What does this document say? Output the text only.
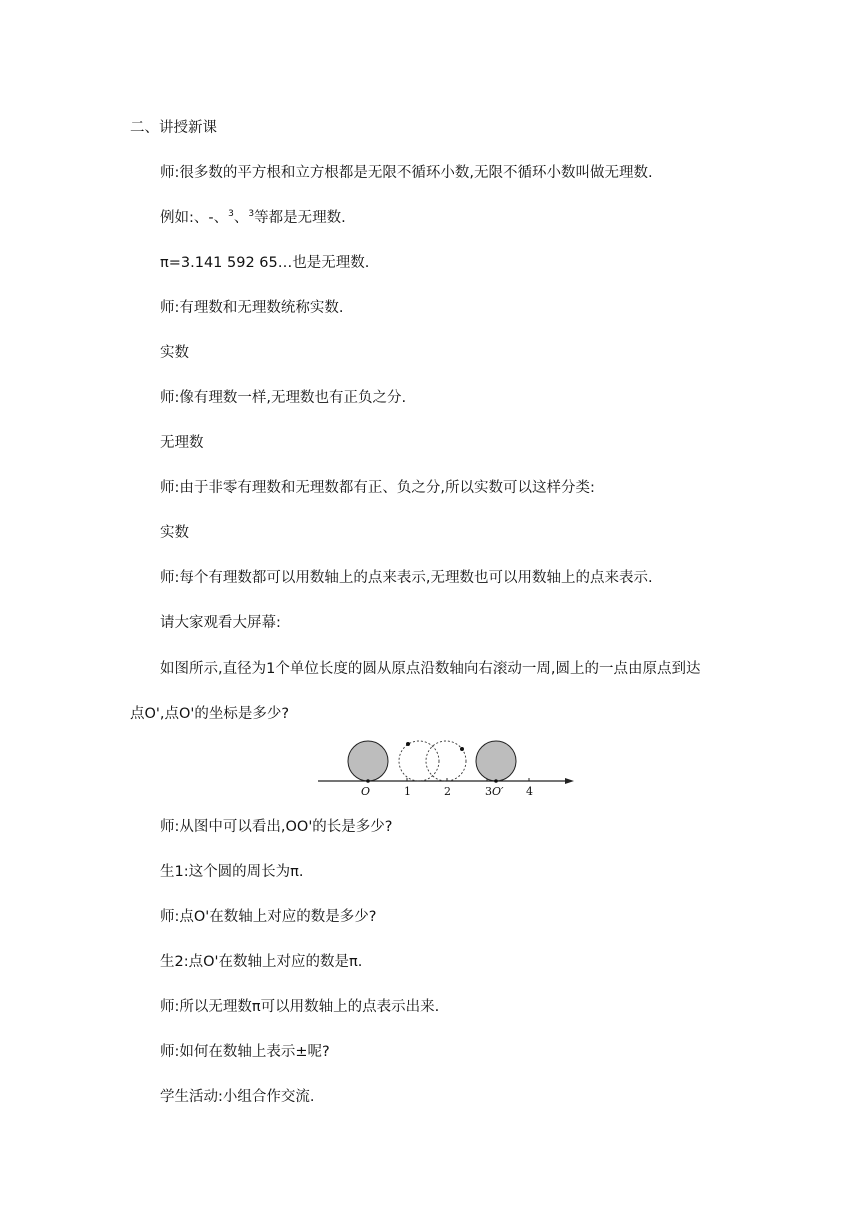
二、讲授新课
师:很多数的平方根和立方根都是无限不循环小数,无限不循环小数叫做无理数.
例如:、-、$^3$、$^3$等都是无理数.
π=3.141 592 65…也是无理数.
师:有理数和无理数统称实数.
实数
师:像有理数一样,无理数也有正负之分.
无理数
师:由于非零有理数和无理数都有正、负之分,所以实数可以这样分类:
实数
师:每个有理数都可以用数轴上的点来表示,无理数也可以用数轴上的点来表示.
请大家观看大屏幕:
如图所示,直径为1个单位长度的圆从原点沿数轴向右滚动一周,圆上的一点由原点到达
点O',点O'的坐标是多少?
O	1	2	3 O′ 4
师:从图中可以看出,OO'的长是多少?
生1:这个圆的周长为π.
师:点O'在数轴上对应的数是多少?
生2:点O'在数轴上对应的数是π.
师:所以无理数π可以用数轴上的点表示出来.
师:如何在数轴上表示±呢?
学生活动:小组合作交流.
